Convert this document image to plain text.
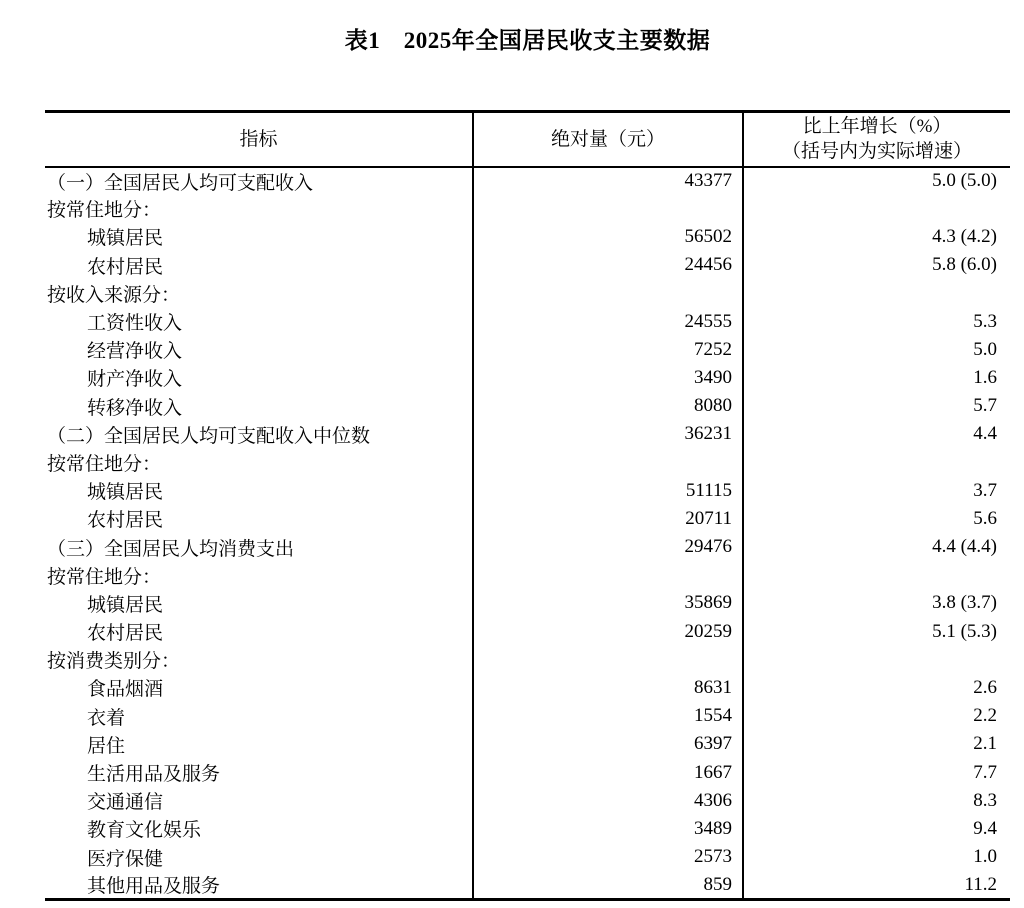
表1　2025年全国居民收支主要数据
指标	绝对量（元）	比上年增长（%）
（括号内为实际增速）

（一）全国居民人均可支配收入	43377	5.0 (5.0)
按常住地分：		
城镇居民	56502	4.3 (4.2)
农村居民	24456	5.8 (6.0)
按收入来源分：		
工资性收入	24555	5.3
经营净收入	7252	5.0
财产净收入	3490	1.6
转移净收入	8080	5.7
（二）全国居民人均可支配收入中位数	36231	4.4
按常住地分：		
城镇居民	51115	3.7
农村居民	20711	5.6
（三）全国居民人均消费支出	29476	4.4 (4.4)
按常住地分：		
城镇居民	35869	3.8 (3.7)
农村居民	20259	5.1 (5.3)
按消费类别分：		
食品烟酒	8631	2.6
衣着	1554	2.2
居住	6397	2.1
生活用品及服务	1667	7.7
交通通信	4306	8.3
教育文化娱乐	3489	9.4
医疗保健	2573	1.0
其他用品及服务	859	11.2
